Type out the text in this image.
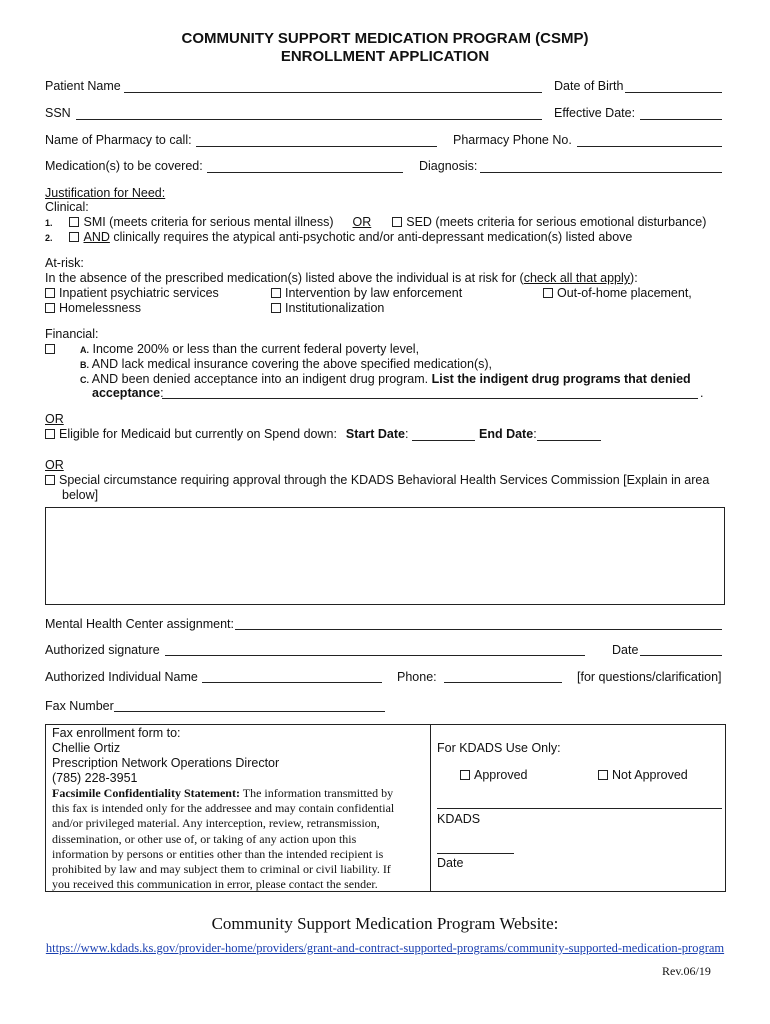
COMMUNITY SUPPORT MEDICATION PROGRAM (CSMP)
ENROLLMENT APPLICATION
Patient Name	Date of Birth
SSN	Effective Date:
Name of Pharmacy to call:	Pharmacy Phone No.
Medication(s) to be covered:	Diagnosis:
Justification for Need:
Clinical:
1. SMI (meets criteria for serious mental illness) OR	SED (meets criteria for serious emotional disturbance)
2. AND clinically requires the atypical anti-psychotic and/or anti-depressant medication(s) listed above
At-risk:
In the absence of the prescribed medication(s) listed above the individual is at risk for (check all that apply):
Inpatient psychiatric services	Intervention by law enforcement	Out-of-home placement,
Homelessness	Institutionalization
Financial:
A. Income 200% or less than the current federal poverty level,
B. AND lack medical insurance covering the above specified medication(s),
C. AND been denied acceptance into an indigent drug program. List the indigent drug programs that denied
acceptance:	.
OR
Eligible for Medicaid but currently on Spend down: Start Date:	End Date:
OR
Special circumstance requiring approval through the KDADS Behavioral Health Services Commission [Explain in area
below]
Mental Health Center assignment:
Authorized signature	Date
Authorized Individual Name	Phone:	[for questions/clarification]
Fax Number
Fax enrollment form to:
Chellie Ortiz
Prescription Network Operations Director
(785) 228-3951
Facsimile Confidentiality Statement: The information transmitted by
this fax is intended only for the addressee and may contain confidential
and/or privileged material. Any interception, review, retransmission,
dissemination, or other use of, or taking of any action upon this
information by persons or entities other than the intended recipient is
prohibited by law and may subject them to criminal or civil liability. If
you received this communication in error, please contact the sender.
For KDADS Use Only:
Approved	Not Approved
KDADS
Date
Community Support Medication Program Website:
https://www.kdads.ks.gov/provider-home/providers/grant-and-contract-supported-programs/community-supported-medication-program
Rev.06/19
